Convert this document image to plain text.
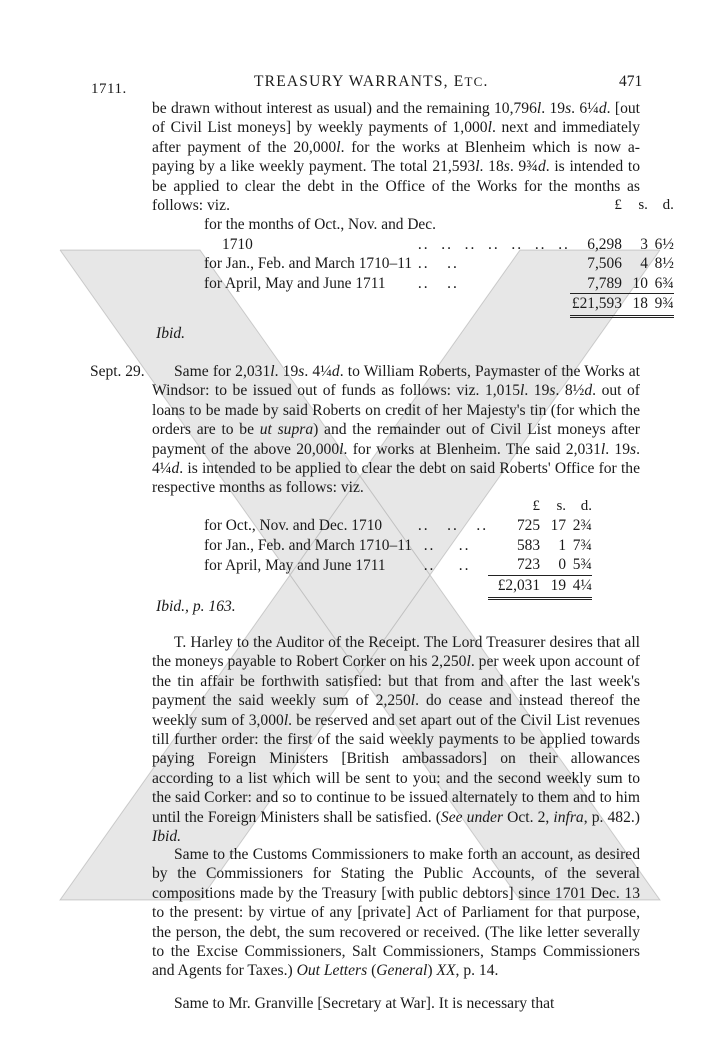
1711.	TREASURY WARRANTS, ETC.	471
be drawn without interest as usual) and the remaining 10,796l. 19s. 6¼d. [out of Civil List moneys] by weekly payments of 1,000l. next and immediately after payment of the 20,000l. for the works at Blenheim which is now a-paying by a like weekly payment. The total 21,593l. 18s. 9¾d. is intended to be applied to clear the debt in the Office of the Works for the months as follows: viz.
			£	s.	d.
for the months of Oct., Nov. and Dec.				
1710	..  ..  ..  ..  ..  ..  ..	6,298	3	6½
for Jan., Feb. and March 1710–11	..   ..	7,506	4	8½
for April, May and June 1711	..   ..	7,789	10	6¾
		£21,593	18	9¾
Ibid.
Sept. 29.	Same for 2,031l. 19s. 4¼d. to William Roberts, Paymaster of the Works at Windsor: to be issued out of funds as follows: viz. 1,015l. 19s. 8½d. out of loans to be made by said Roberts on credit of her Majesty's tin (for which the orders are to be ut supra) and the remainder out of Civil List moneys after payment of the above 20,000l. for works at Blenheim. The said 2,031l. 19s. 4¼d. is intended to be applied to clear the debt on said Roberts' Office for the respective months as follows: viz.
		£	s.	d.
for Oct., Nov. and Dec. 1710	..   ..   ..	725	17	2¾
for Jan., Feb. and March 1710–11	..    ..	583	1	7¾
for April, May and June 1711	..    ..	723	0	5¾
		£2,031	19	4¼
Ibid., p. 163.
T. Harley to the Auditor of the Receipt. The Lord Treasurer desires that all the moneys payable to Robert Corker on his 2,250l. per week upon account of the tin affair be forthwith satisfied: but that from and after the last week's payment the said weekly sum of 2,250l. do cease and instead thereof the weekly sum of 3,000l. be reserved and set apart out of the Civil List revenues till further order: the first of the said weekly payments to be applied towards paying Foreign Ministers [British ambassadors] on their allowances according to a list which will be sent to you: and the second weekly sum to the said Corker: and so to continue to be issued alternately to them and to him until the Foreign Ministers shall be satisfied. (See under Oct. 2, infra, p. 482.) Ibid.
Same to the Customs Commissioners to make forth an account, as desired by the Commissioners for Stating the Public Accounts, of the several compositions made by the Treasury [with public debtors] since 1701 Dec. 13 to the present: by virtue of any [private] Act of Parliament for that purpose, the person, the debt, the sum recovered or received. (The like letter severally to the Excise Commissioners, Salt Commissioners, Stamps Commissioners and Agents for Taxes.) Out Letters (General) XX, p. 14.
Same to Mr. Granville [Secretary at War]. It is necessary that
